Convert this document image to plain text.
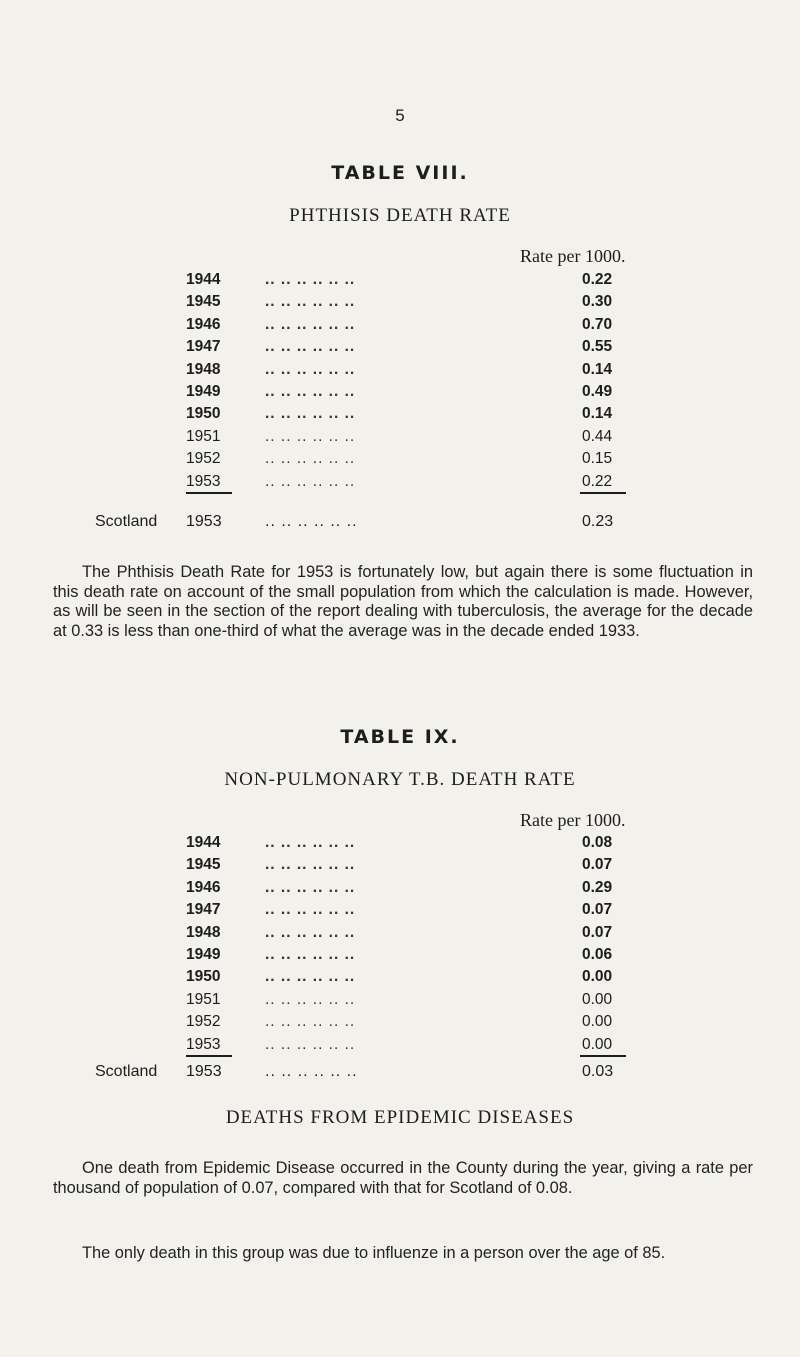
5
TABLE VIII.
PHTHISIS DEATH RATE
Rate per 1000.
1944	.. .. .. .. .. ..	0.22
1945	.. .. .. .. .. ..	0.30
1946	.. .. .. .. .. ..	0.70
1947	.. .. .. .. .. ..	0.55
1948	.. .. .. .. .. ..	0.14
1949	.. .. .. .. .. ..	0.49
1950	.. .. .. .. .. ..	0.14
1951	.. .. .. .. .. ..	0.44
1952	.. .. .. .. .. ..	0.15
1953	.. .. .. .. .. ..	0.22
Scotland 1953	.. .. .. .. .. ..	0.23
The Phthisis Death Rate for 1953 is fortunately low, but again there is some fluctuation in this death rate on account of the small population from which the calculation is made. However, as will be seen in the section of the report dealing with tuberculosis, the average for the decade at 0.33 is less than one-third of what the average was in the decade ended 1933.
TABLE IX.
NON-PULMONARY T.B. DEATH RATE
Rate per 1000.
1944	.. .. .. .. .. ..	0.08
1945	.. .. .. .. .. ..	0.07
1946	.. .. .. .. .. ..	0.29
1947	.. .. .. .. .. ..	0.07
1948	.. .. .. .. .. ..	0.07
1949	.. .. .. .. .. ..	0.06
1950	.. .. .. .. .. ..	0.00
1951	.. .. .. .. .. ..	0.00
1952	.. .. .. .. .. ..	0.00
1953	.. .. .. .. .. ..	0.00
Scotland 1953	.. .. .. .. .. ..	0.03
DEATHS FROM EPIDEMIC DISEASES
One death from Epidemic Disease occurred in the County during the year, giving a rate per thousand of population of 0.07, compared with that for Scotland of 0.08.
The only death in this group was due to influenze in a person over the age of 85.
